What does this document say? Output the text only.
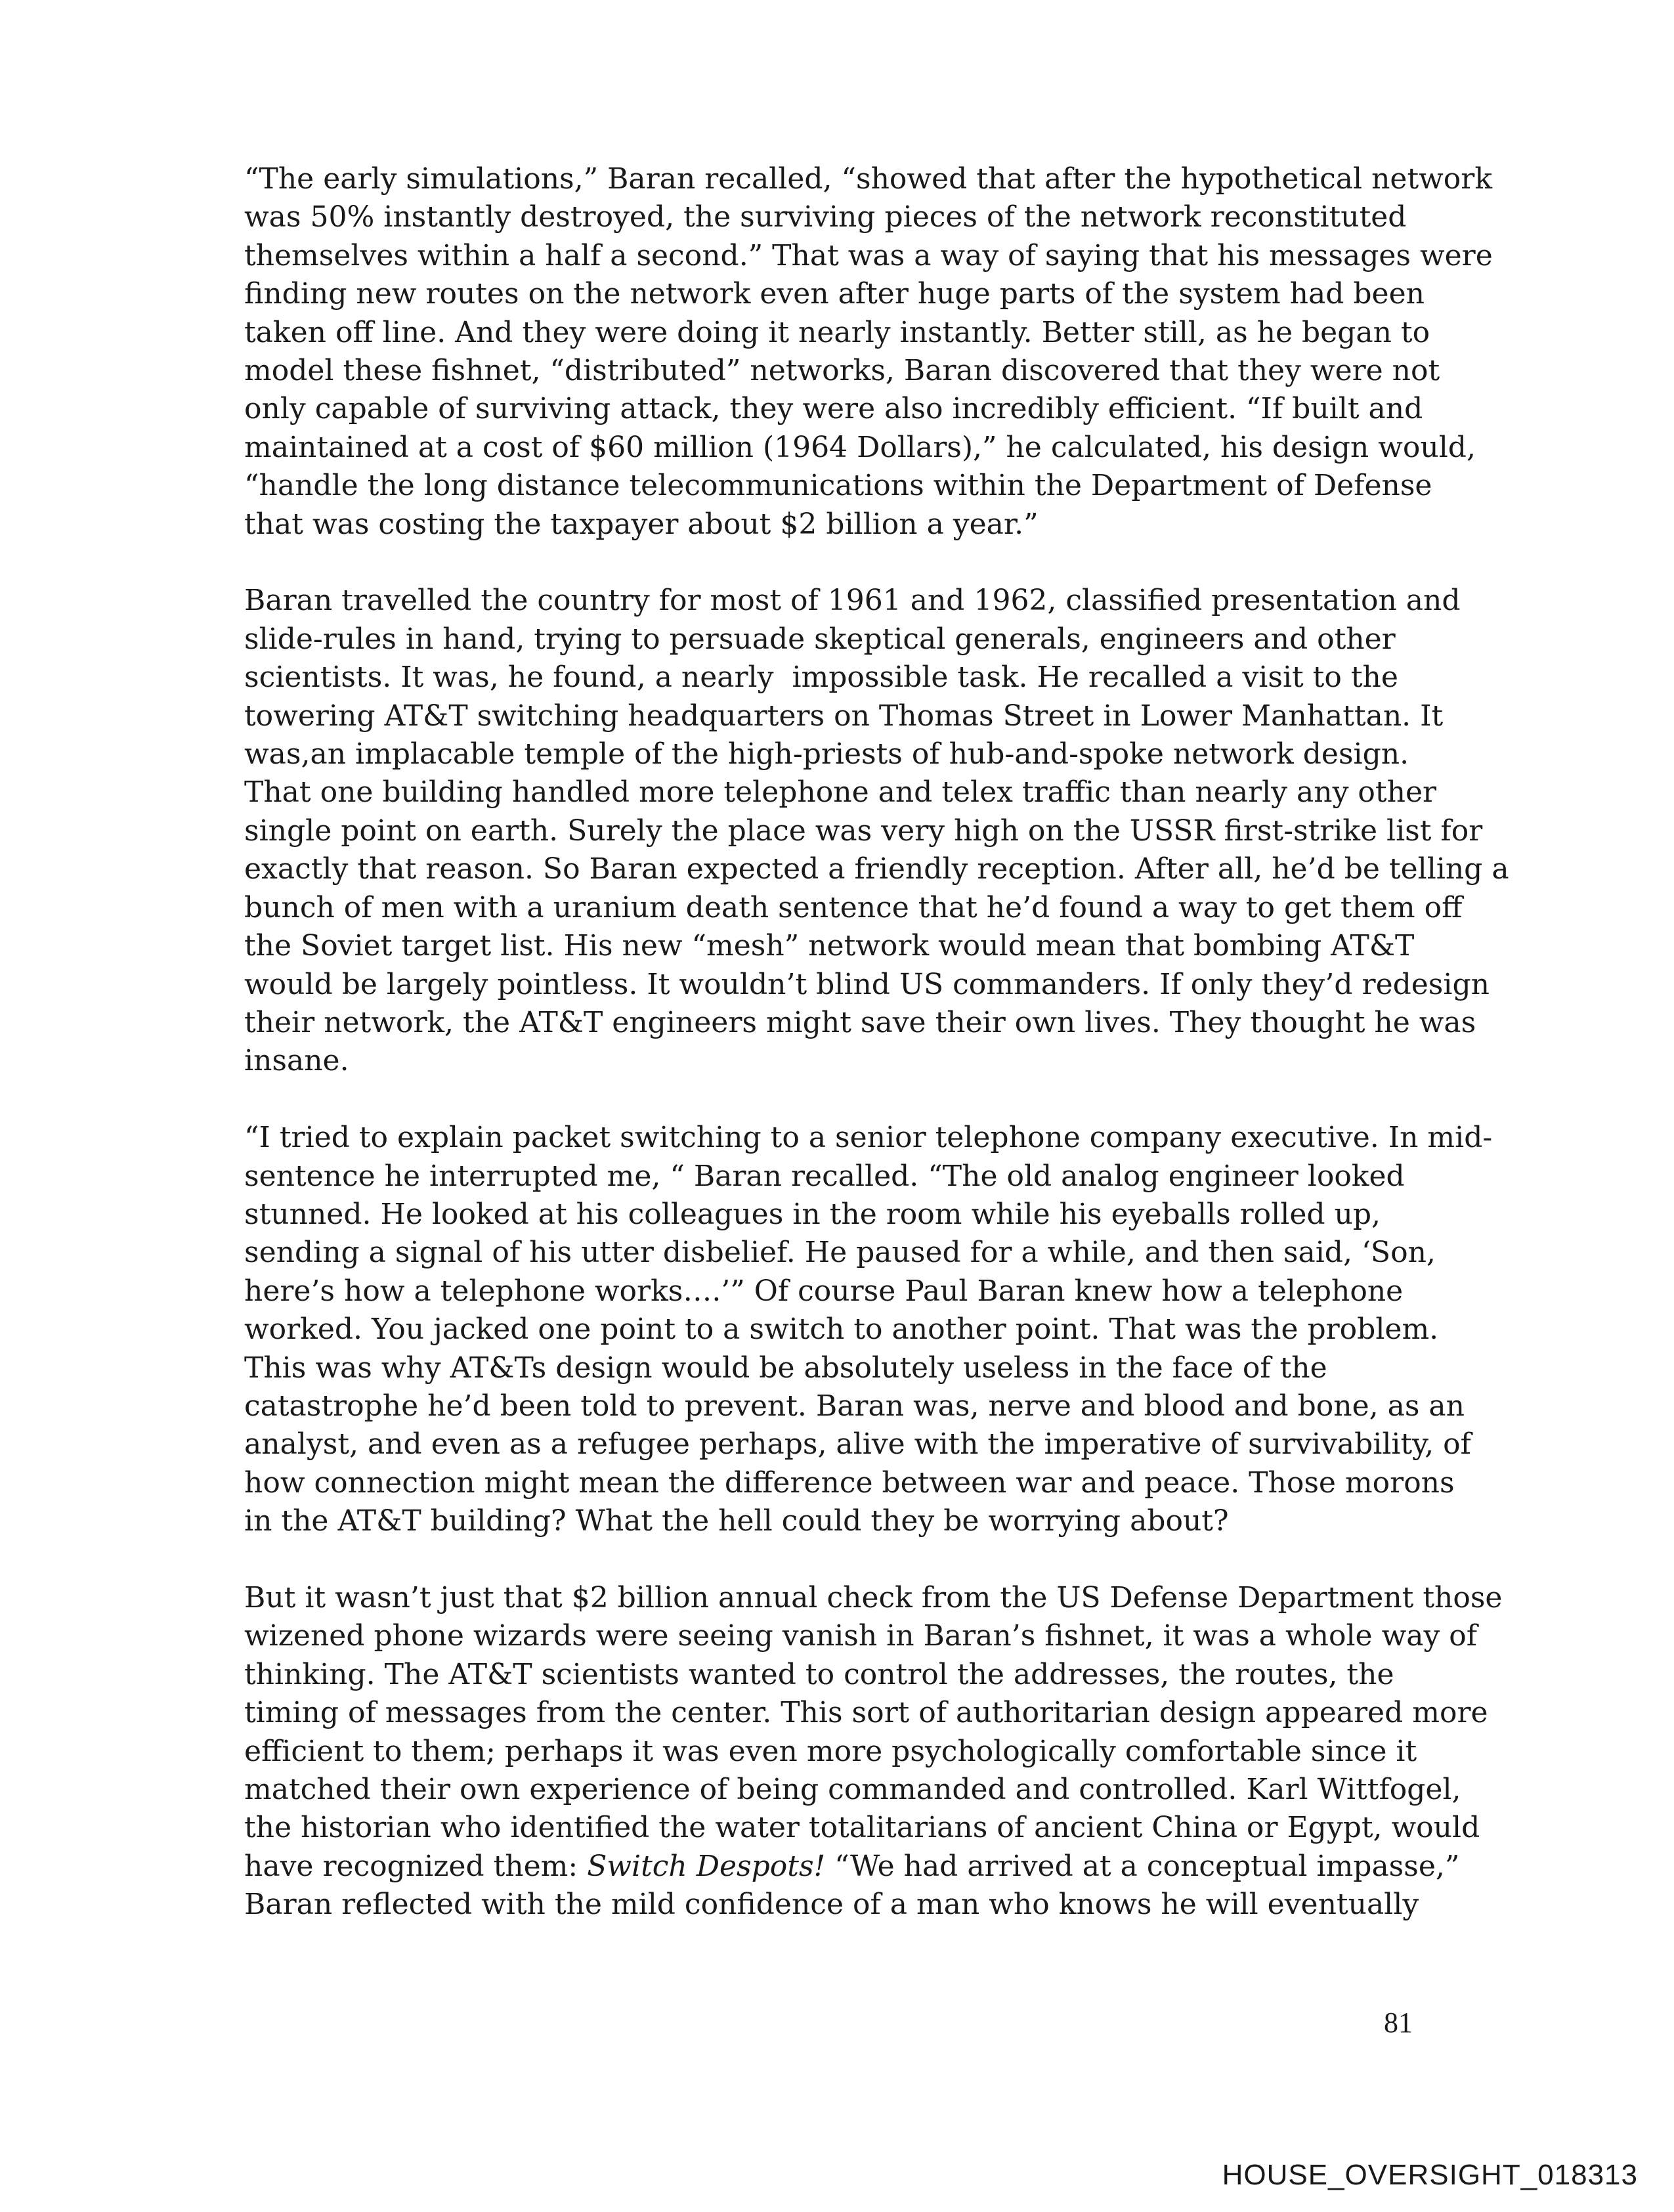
“The early simulations,” Baran recalled, “showed that after the hypothetical network
was 50% instantly destroyed, the surviving pieces of the network reconstituted
themselves within a half a second.” That was a way of saying that his messages were
finding new routes on the network even after huge parts of the system had been
taken off line. And they were doing it nearly instantly. Better still, as he began to
model these fishnet, “distributed” networks, Baran discovered that they were not
only capable of surviving attack, they were also incredibly efficient. “If built and
maintained at a cost of $60 million (1964 Dollars),” he calculated, his design would,
“handle the long distance telecommunications within the Department of Defense
that was costing the taxpayer about $2 billion a year.”

Baran travelled the country for most of 1961 and 1962, classified presentation and
slide-rules in hand, trying to persuade skeptical generals, engineers and other
scientists. It was, he found, a nearly  impossible task. He recalled a visit to the
towering AT&T switching headquarters on Thomas Street in Lower Manhattan. It
was,an implacable temple of the high-priests of hub-and-spoke network design.
That one building handled more telephone and telex traffic than nearly any other
single point on earth. Surely the place was very high on the USSR first-strike list for
exactly that reason. So Baran expected a friendly reception. After all, he’d be telling a
bunch of men with a uranium death sentence that he’d found a way to get them off
the Soviet target list. His new “mesh” network would mean that bombing AT&T
would be largely pointless. It wouldn’t blind US commanders. If only they’d redesign
their network, the AT&T engineers might save their own lives. They thought he was
insane.

“I tried to explain packet switching to a senior telephone company executive. In mid-
sentence he interrupted me, “ Baran recalled. “The old analog engineer looked
stunned. He looked at his colleagues in the room while his eyeballs rolled up,
sending a signal of his utter disbelief. He paused for a while, and then said, ‘Son,
here’s how a telephone works….’” Of course Paul Baran knew how a telephone
worked. You jacked one point to a switch to another point. That was the problem.
This was why AT&Ts design would be absolutely useless in the face of the
catastrophe he’d been told to prevent. Baran was, nerve and blood and bone, as an
analyst, and even as a refugee perhaps, alive with the imperative of survivability, of
how connection might mean the difference between war and peace. Those morons
in the AT&T building? What the hell could they be worrying about?

But it wasn’t just that $2 billion annual check from the US Defense Department those
wizened phone wizards were seeing vanish in Baran’s fishnet, it was a whole way of
thinking. The AT&T scientists wanted to control the addresses, the routes, the
timing of messages from the center. This sort of authoritarian design appeared more
efficient to them; perhaps it was even more psychologically comfortable since it
matched their own experience of being commanded and controlled. Karl Wittfogel,
the historian who identified the water totalitarians of ancient China or Egypt, would
have recognized them: Switch Despots! “We had arrived at a conceptual impasse,”
Baran reflected with the mild confidence of a man who knows he will eventually

81
HOUSE_OVERSIGHT_018313
